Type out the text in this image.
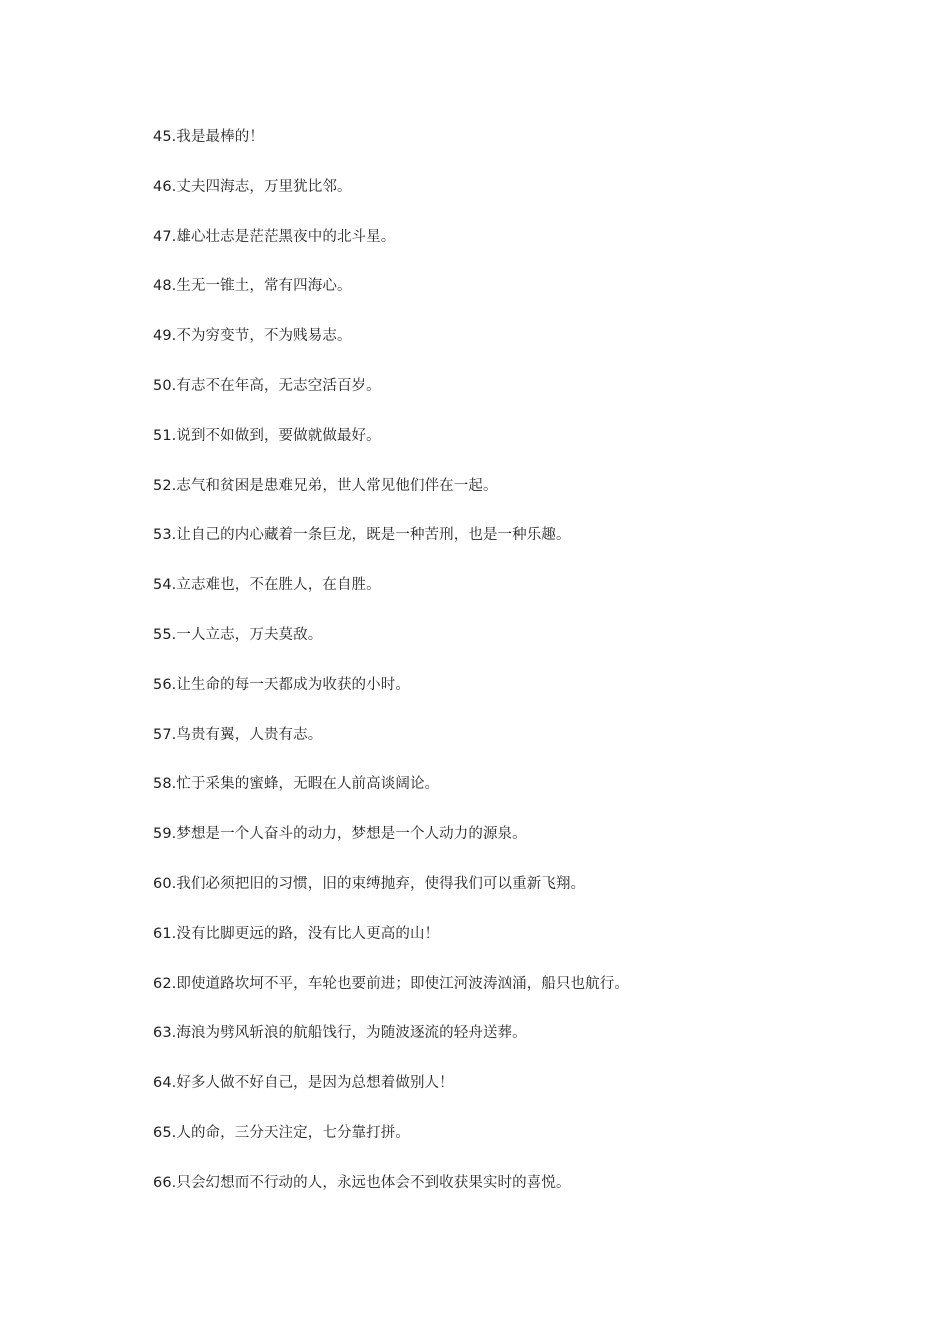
45.我是最棒的！
46.丈夫四海志，万里犹比邻。
47.雄心壮志是茫茫黑夜中的北斗星。
48.生无一锥土，常有四海心。
49.不为穷变节，不为贱易志。
50.有志不在年高，无志空活百岁。
51.说到不如做到，要做就做最好。
52.志气和贫困是患难兄弟，世人常见他们伴在一起。
53.让自己的内心藏着一条巨龙，既是一种苦刑，也是一种乐趣。
54.立志难也，不在胜人，在自胜。
55.一人立志，万夫莫敌。
56.让生命的每一天都成为收获的小时。
57.鸟贵有翼，人贵有志。
58.忙于采集的蜜蜂，无暇在人前高谈阔论。
59.梦想是一个人奋斗的动力，梦想是一个人动力的源泉。
60.我们必须把旧的习惯，旧的束缚抛弃，使得我们可以重新飞翔。
61.没有比脚更远的路，没有比人更高的山！
62.即使道路坎坷不平，车轮也要前进；即使江河波涛汹涌，船只也航行。
63.海浪为劈风斩浪的航船饯行，为随波逐流的轻舟送葬。
64.好多人做不好自己，是因为总想着做别人！
65.人的命，三分天注定，七分靠打拼。
66.只会幻想而不行动的人，永远也体会不到收获果实时的喜悦。
